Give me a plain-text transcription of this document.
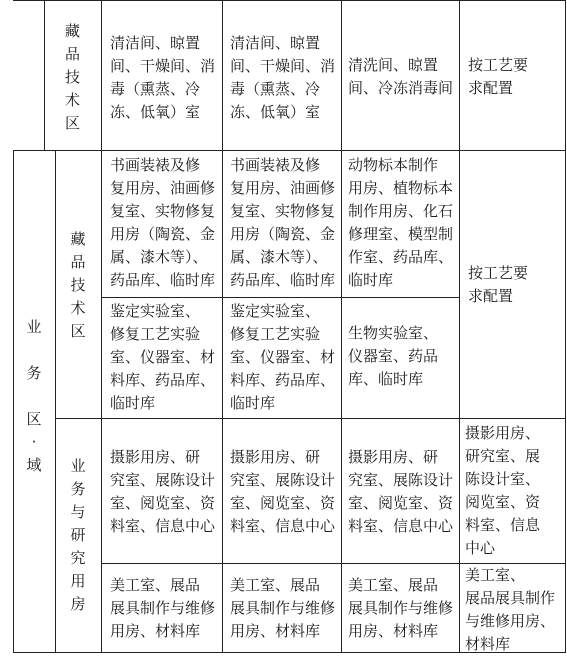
藏
品
技
术
区
清洁间、晾置
间、干燥间、消
毒（熏蒸、冷
冻、低氧）室
清洁间、晾置
间、干燥间、消
毒（熏蒸、冷
冻、低氧）室
清洗间、晾置
间、冷冻消毒间
按工艺要
求配置
业

务

区
·
域
藏
品
技
术
区
书画装裱及修
复用房、油画修
复室、实物修复
用房（陶瓷、金
属、漆木等）、
药品库、临时库
书画装裱及修
复用房、油画修
复室、实物修复
用房（陶瓷、金
属、漆木等）、
药品库、临时库
动物标本制作
用房、植物标本
制作用房、化石
修理室、模型制
作室、药品库、
临时库
鉴定实验室、
修复工艺实验
室、仪器室、材
料库、药品库、
临时库
鉴定实验室、
修复工艺实验
室、仪器室、材
料库、药品库、
临时库
生物实验室、
仪器室、药品
库、临时库
按工艺要
求配置
业
务
与
研
究
用
房
摄影用房、研
究室、展陈设计
室、阅览室、资
料室、信息中心
摄影用房、研
究室、展陈设计
室、阅览室、资
料室、信息中心
摄影用房、研
究室、展陈设计
室、阅览室、资
料室、信息中心
摄影用房、
研究室、展
陈设计室、
阅览室、资
料室、信息
中心
美工室、展品
展具制作与维修
用房、材料库
美工室、展品
展具制作与维修
用房、材料库
美工室、展品
展具制作与维修
用房、材料库
美工室、
展品展具制作
与维修用房、
材料库
